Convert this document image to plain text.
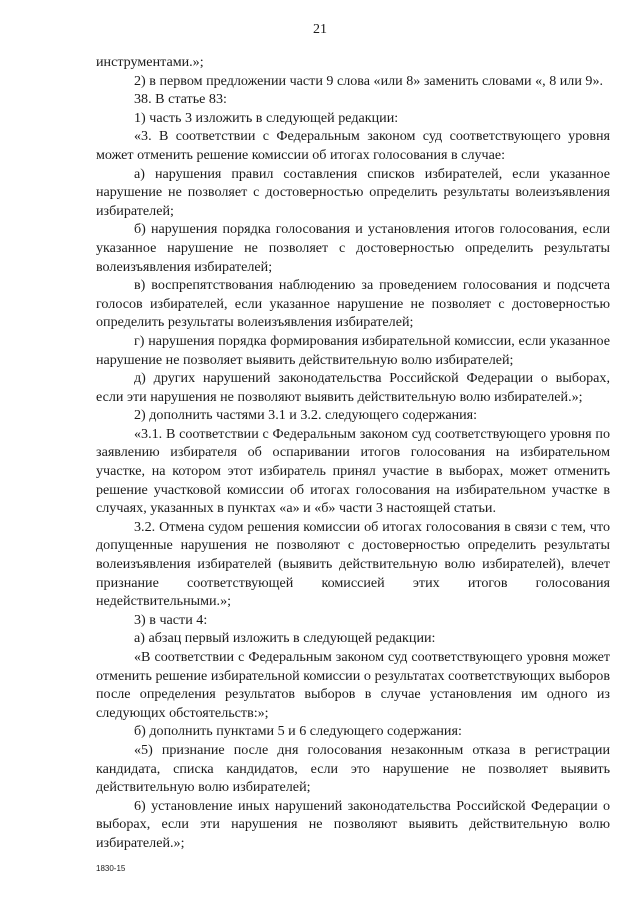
21

инструментами.»;

2) в первом предложении части 9 слова «или 8» заменить словами «, 8 или 9».

38. В статье 83:

1) часть 3 изложить в следующей редакции:

«3. В соответствии с Федеральным законом суд соответствующего уровня может отменить решение комиссии об итогах голосования в случае:

а) нарушения правил составления списков избирателей, если указанное нарушение не позволяет с достоверностью определить результаты волеизъявления избирателей;

б) нарушения порядка голосования и установления итогов голосования, если указанное нарушение не позволяет с достоверностью определить результаты волеизъявления избирателей;

в) воспрепятствования наблюдению за проведением голосования и подсчета голосов избирателей, если указанное нарушение не позволяет с достоверностью определить результаты волеизъявления избирателей;

г) нарушения порядка формирования избирательной комиссии, если указанное нарушение не позволяет выявить действительную волю избирателей;

д) других нарушений законодательства Российской Федерации о выборах, если эти нарушения не позволяют выявить действительную волю избирателей.»;

2) дополнить частями 3.1 и 3.2. следующего содержания:

«3.1. В соответствии с Федеральным законом суд соответствующего уровня по заявлению избирателя об оспаривании итогов голосования на избирательном участке, на котором этот избиратель принял участие в выборах, может отменить решение участковой комиссии об итогах голосования на избирательном участке в случаях, указанных в пунктах «а» и «б» части 3 настоящей статьи.

3.2. Отмена судом решения комиссии об итогах голосования в связи с тем, что допущенные нарушения не позволяют с достоверностью определить результаты волеизъявления избирателей (выявить действительную волю избирателей), влечет признание соответствующей комиссией этих итогов голосования недействительными.»;

3) в части 4:

а) абзац первый изложить в следующей редакции:

«В соответствии с Федеральным законом суд соответствующего уровня может отменить решение избирательной комиссии о результатах соответствующих выборов после определения результатов выборов в случае установления им одного из следующих обстоятельств:»;

б) дополнить пунктами 5 и 6 следующего содержания:

«5) признание после дня голосования незаконным отказа в регистрации кандидата, списка кандидатов, если это нарушение не позволяет выявить действительную волю избирателей;

6) установление иных нарушений законодательства Российской Федерации о выборах, если эти нарушения не позволяют выявить действительную волю избирателей.»;

1830-15
